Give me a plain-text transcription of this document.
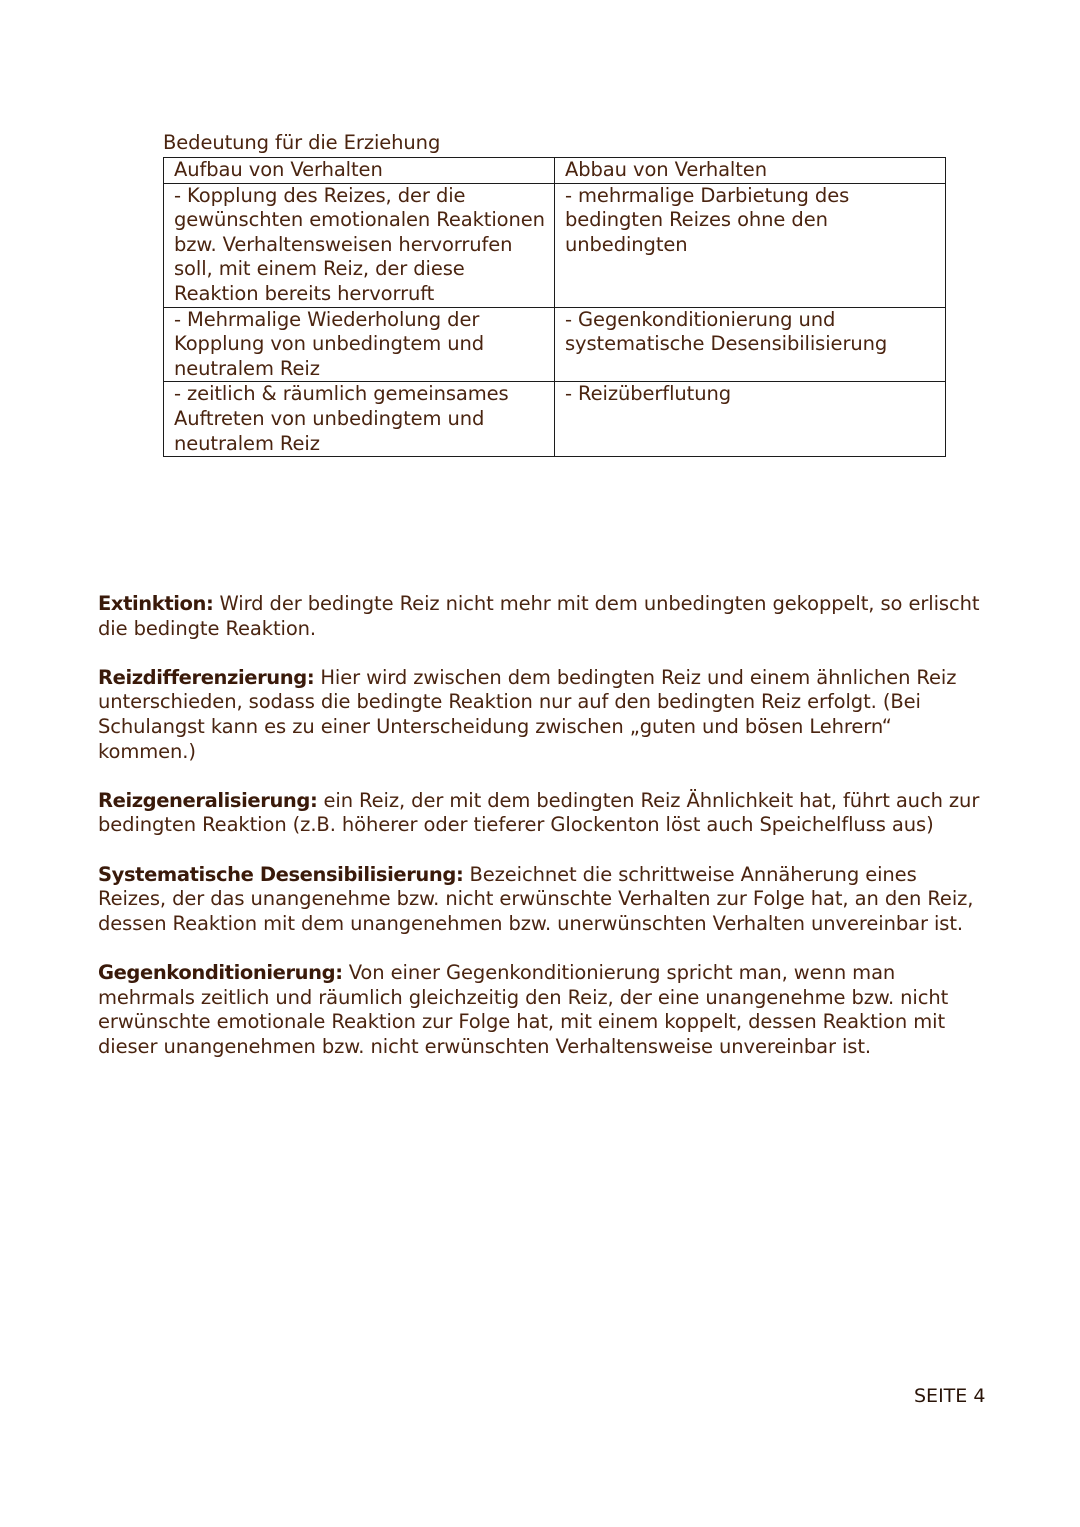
Bedeutung für die Erziehung
Aufbau von Verhalten	Abbau von Verhalten
- Kopplung des Reizes, der die gewünschten emotionalen Reaktionen bzw. Verhaltensweisen hervorrufen soll, mit einem Reiz, der diese Reaktion bereits hervorruft	- mehrmalige Darbietung des bedingten Reizes ohne den unbedingten
- Mehrmalige Wiederholung der Kopplung von unbedingtem und neutralem Reiz	- Gegenkonditionierung und systematische Desensibilisierung
- zeitlich & räumlich gemeinsames Auftreten von unbedingtem und neutralem Reiz	- Reizüberflutung

Extinktion: Wird der bedingte Reiz nicht mehr mit dem unbedingten gekoppelt, so erlischt die bedingte Reaktion.

Reizdifferenzierung: Hier wird zwischen dem bedingten Reiz und einem ähnlichen Reiz unterschieden, sodass die bedingte Reaktion nur auf den bedingten Reiz erfolgt. (Bei Schulangst kann es zu einer Unterscheidung zwischen „guten und bösen Lehrern“ kommen.)

Reizgeneralisierung: ein Reiz, der mit dem bedingten Reiz Ähnlichkeit hat, führt auch zur bedingten Reaktion (z.B. höherer oder tieferer Glockenton löst auch Speichelfluss aus)

Systematische Desensibilisierung: Bezeichnet die schrittweise Annäherung eines Reizes, der das unangenehme bzw. nicht erwünschte Verhalten zur Folge hat, an den Reiz, dessen Reaktion mit dem unangenehmen bzw. unerwünschten Verhalten unvereinbar ist.

Gegenkonditionierung: Von einer Gegenkonditionierung spricht man, wenn man mehrmals zeitlich und räumlich gleichzeitig den Reiz, der eine unangenehme bzw. nicht erwünschte emotionale Reaktion zur Folge hat, mit einem koppelt, dessen Reaktion mit dieser unangenehmen bzw. nicht erwünschten Verhaltensweise unvereinbar ist.

SEITE 4
